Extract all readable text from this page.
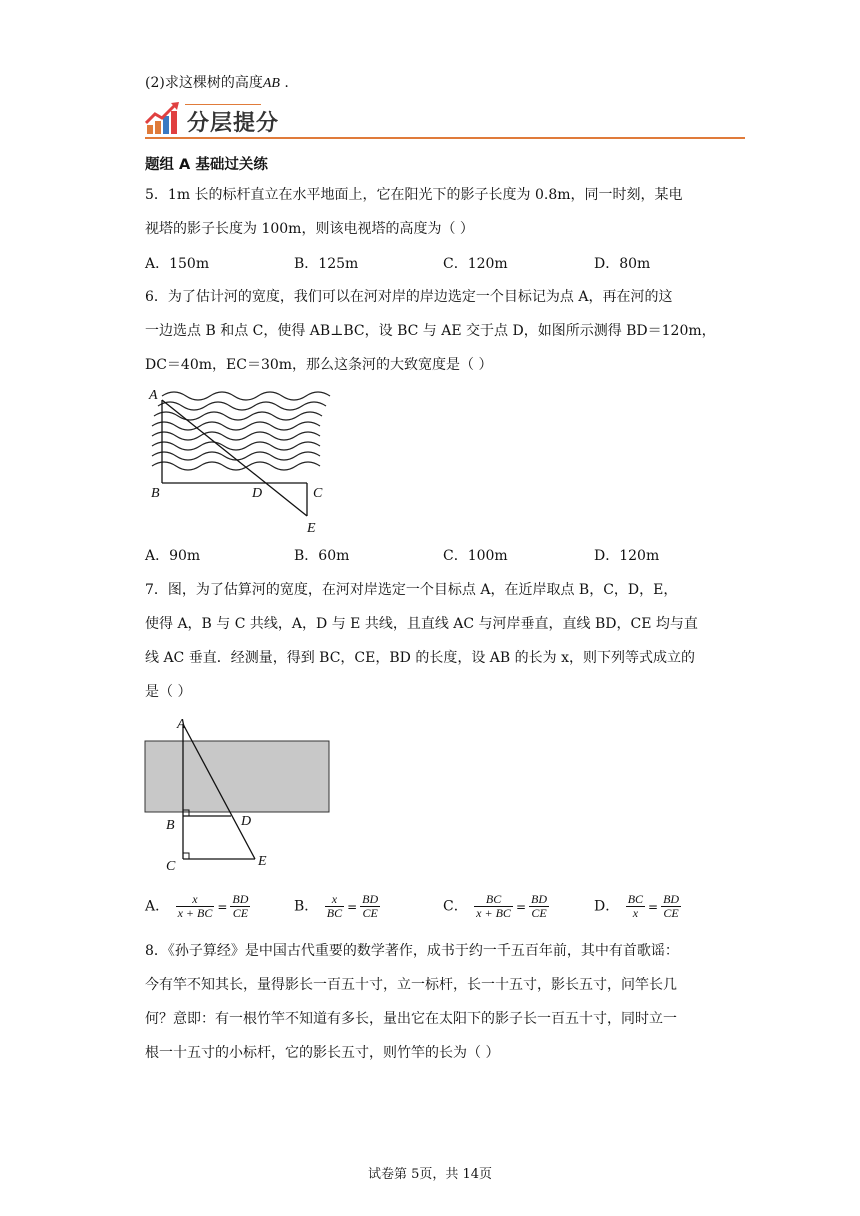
(2)求这棵树的高度AB .
分层提分
题组 A 基础过关练
5．1m 长的标杆直立在水平地面上，它在阳光下的影子长度为 0.8m，同一时刻，某电
视塔的影子长度为 100m，则该电视塔的高度为（ ）
A．150m	B．125m	C．120m	D．80m
6．为了估计河的宽度，我们可以在河对岸的岸边选定一个目标记为点 A，再在河的这
一边选点 B 和点 C，使得 AB⊥BC，设 BC 与 AE 交于点 D，如图所示测得 BD＝120m，
DC＝40m，EC＝30m，那么这条河的大致宽度是（ ）
A
B	D	C
E
A．90m	B．60m	C．100m	D．120m
7．图，为了估算河的宽度，在河对岸选定一个目标点 A，在近岸取点 B，C，D，E，
使得 A，B 与 C 共线，A，D 与 E 共线，且直线 AC 与河岸垂直，直线 BD，CE 均与直
线 AC 垂直．经测量，得到 BC，CE，BD 的长度，设 AB 的长为 x，则下列等式成立的
是（ ）
A
B	D
C	E
A． $\frac{x}{x + BC} = \frac{BD}{CE}$	B． $\frac{x}{BC} = \frac{BD}{CE}$	C． $\frac{BC}{x + BC} = \frac{BD}{CE}$	D． $\frac{BC}{x} = \frac{BD}{CE}$
8．《孙子算经》是中国古代重要的数学著作，成书于约一千五百年前，其中有首歌谣：
今有竿不知其长，量得影长一百五十寸，立一标杆，长一十五寸，影长五寸，问竿长几
何？意即：有一根竹竿不知道有多长，量出它在太阳下的影子长一百五十寸，同时立一
根一十五寸的小标杆，它的影长五寸，则竹竿的长为（ ）
试卷第 5页，共 14页
